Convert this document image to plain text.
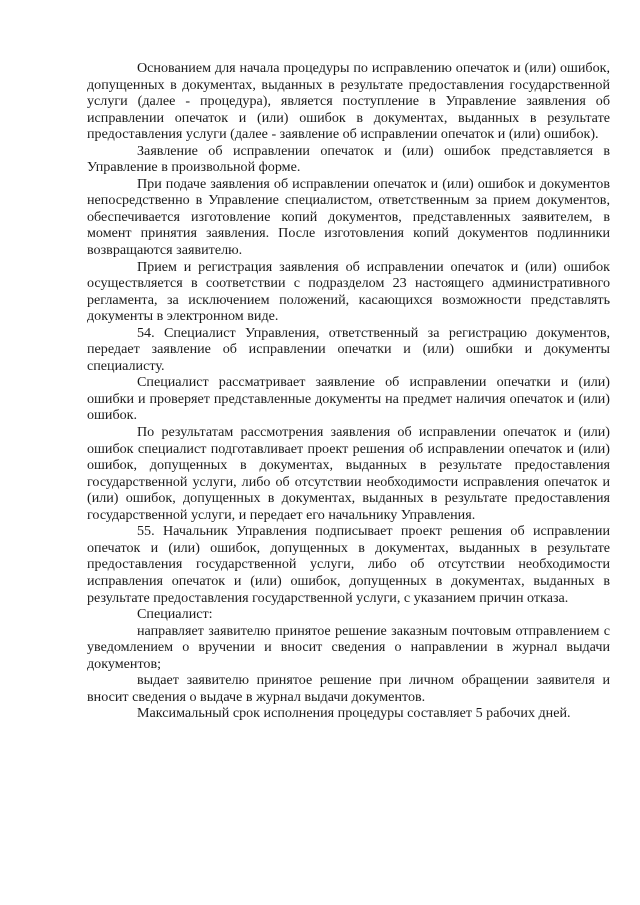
Основанием для начала процедуры по исправлению опечаток и (или) ошибок, допущенных в документах, выданных в результате предоставления государственной услуги (далее - процедура), является поступление в Управление заявления об исправлении опечаток и (или) ошибок в документах, выданных в результате предоставления услуги (далее - заявление об исправлении опечаток и (или) ошибок).

Заявление об исправлении опечаток и (или) ошибок представляется в Управление в произвольной форме.

При подаче заявления об исправлении опечаток и (или) ошибок и документов непосредственно в Управление специалистом, ответственным за прием документов, обеспечивается изготовление копий документов, представленных заявителем, в момент принятия заявления. После изготовления копий документов подлинники возвращаются заявителю.

Прием и регистрация заявления об исправлении опечаток и (или) ошибок осуществляется в соответствии с подразделом 23 настоящего административного регламента, за исключением положений, касающихся возможности представлять документы в электронном виде.

54. Специалист Управления, ответственный за регистрацию документов, передает заявление об исправлении опечатки и (или) ошибки и документы специалисту.

Специалист рассматривает заявление об исправлении опечатки и (или) ошибки и проверяет представленные документы на предмет наличия опечаток и (или) ошибок.

По результатам рассмотрения заявления об исправлении опечаток и (или) ошибок специалист подготавливает проект решения об исправлении опечаток и (или) ошибок, допущенных в документах, выданных в результате предоставления государственной услуги, либо об отсутствии необходимости исправления опечаток и (или) ошибок, допущенных в документах, выданных в результате предоставления государственной услуги, и передает его начальнику Управления.

55. Начальник Управления подписывает проект решения об исправлении опечаток и (или) ошибок, допущенных в документах, выданных в результате предоставления государственной услуги, либо об отсутствии необходимости исправления опечаток и (или) ошибок, допущенных в документах, выданных в результате предоставления государственной услуги, с указанием причин отказа.

Специалист:

направляет заявителю принятое решение заказным почтовым отправлением с уведомлением о вручении и вносит сведения о направлении в журнал выдачи документов;

выдает заявителю принятое решение при личном обращении заявителя и вносит сведения о выдаче в журнал выдачи документов.

Максимальный срок исполнения процедуры составляет 5 рабочих дней.
